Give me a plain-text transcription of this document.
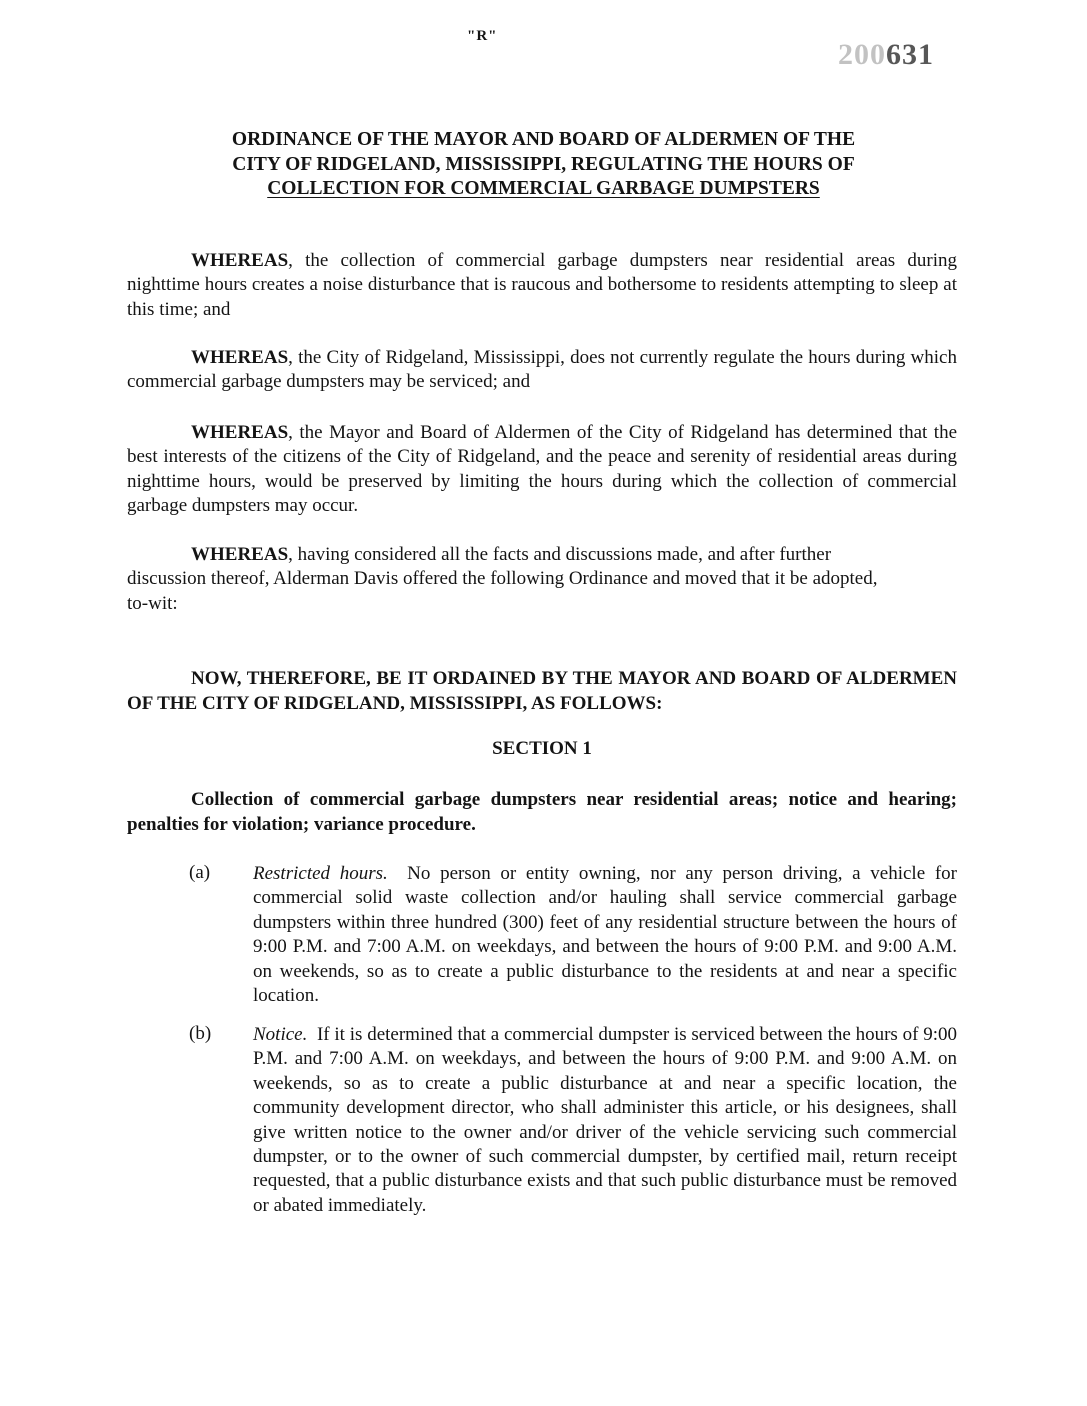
"R"
200631
ORDINANCE OF THE MAYOR AND BOARD OF ALDERMEN OF THE
CITY OF RIDGELAND, MISSISSIPPI, REGULATING THE HOURS OF
COLLECTION FOR COMMERCIAL GARBAGE DUMPSTERS
WHEREAS, the collection of commercial garbage dumpsters near residential areas during nighttime hours creates a noise disturbance that is raucous and bothersome to residents attempting to sleep at this time; and
WHEREAS, the City of Ridgeland, Mississippi, does not currently regulate the hours during which commercial garbage dumpsters may be serviced; and
WHEREAS, the Mayor and Board of Aldermen of the City of Ridgeland has determined that the best interests of the citizens of the City of Ridgeland, and the peace and serenity of residential areas during nighttime hours, would be preserved by limiting the hours during which the collection of commercial garbage dumpsters may occur.
WHEREAS, having considered all the facts and discussions made, and after further discussion thereof, Alderman Davis offered the following Ordinance and moved that it be adopted, to-wit:
NOW, THEREFORE, BE IT ORDAINED BY THE MAYOR AND BOARD OF ALDERMEN OF THE CITY OF RIDGELAND, MISSISSIPPI, AS FOLLOWS:
SECTION 1
Collection of commercial garbage dumpsters near residential areas; notice and hearing; penalties for violation; variance procedure.
(a) Restricted hours.  No person or entity owning, nor any person driving, a vehicle for commercial solid waste collection and/or hauling shall service commercial garbage dumpsters within three hundred (300) feet of any residential structure between the hours of 9:00 P.M. and 7:00 A.M. on weekdays, and between the hours of 9:00 P.M. and 9:00 A.M. on weekends, so as to create a public disturbance to the residents at and near a specific location.
(b) Notice.  If it is determined that a commercial dumpster is serviced between the hours of 9:00 P.M. and 7:00 A.M. on weekdays, and between the hours of 9:00 P.M. and 9:00 A.M. on weekends, so as to create a public disturbance at and near a specific location, the community development director, who shall administer this article, or his designees, shall give written notice to the owner and/or driver of the vehicle servicing such commercial dumpster, or to the owner of such commercial dumpster, by certified mail, return receipt requested, that a public disturbance exists and that such public disturbance must be removed or abated immediately.
